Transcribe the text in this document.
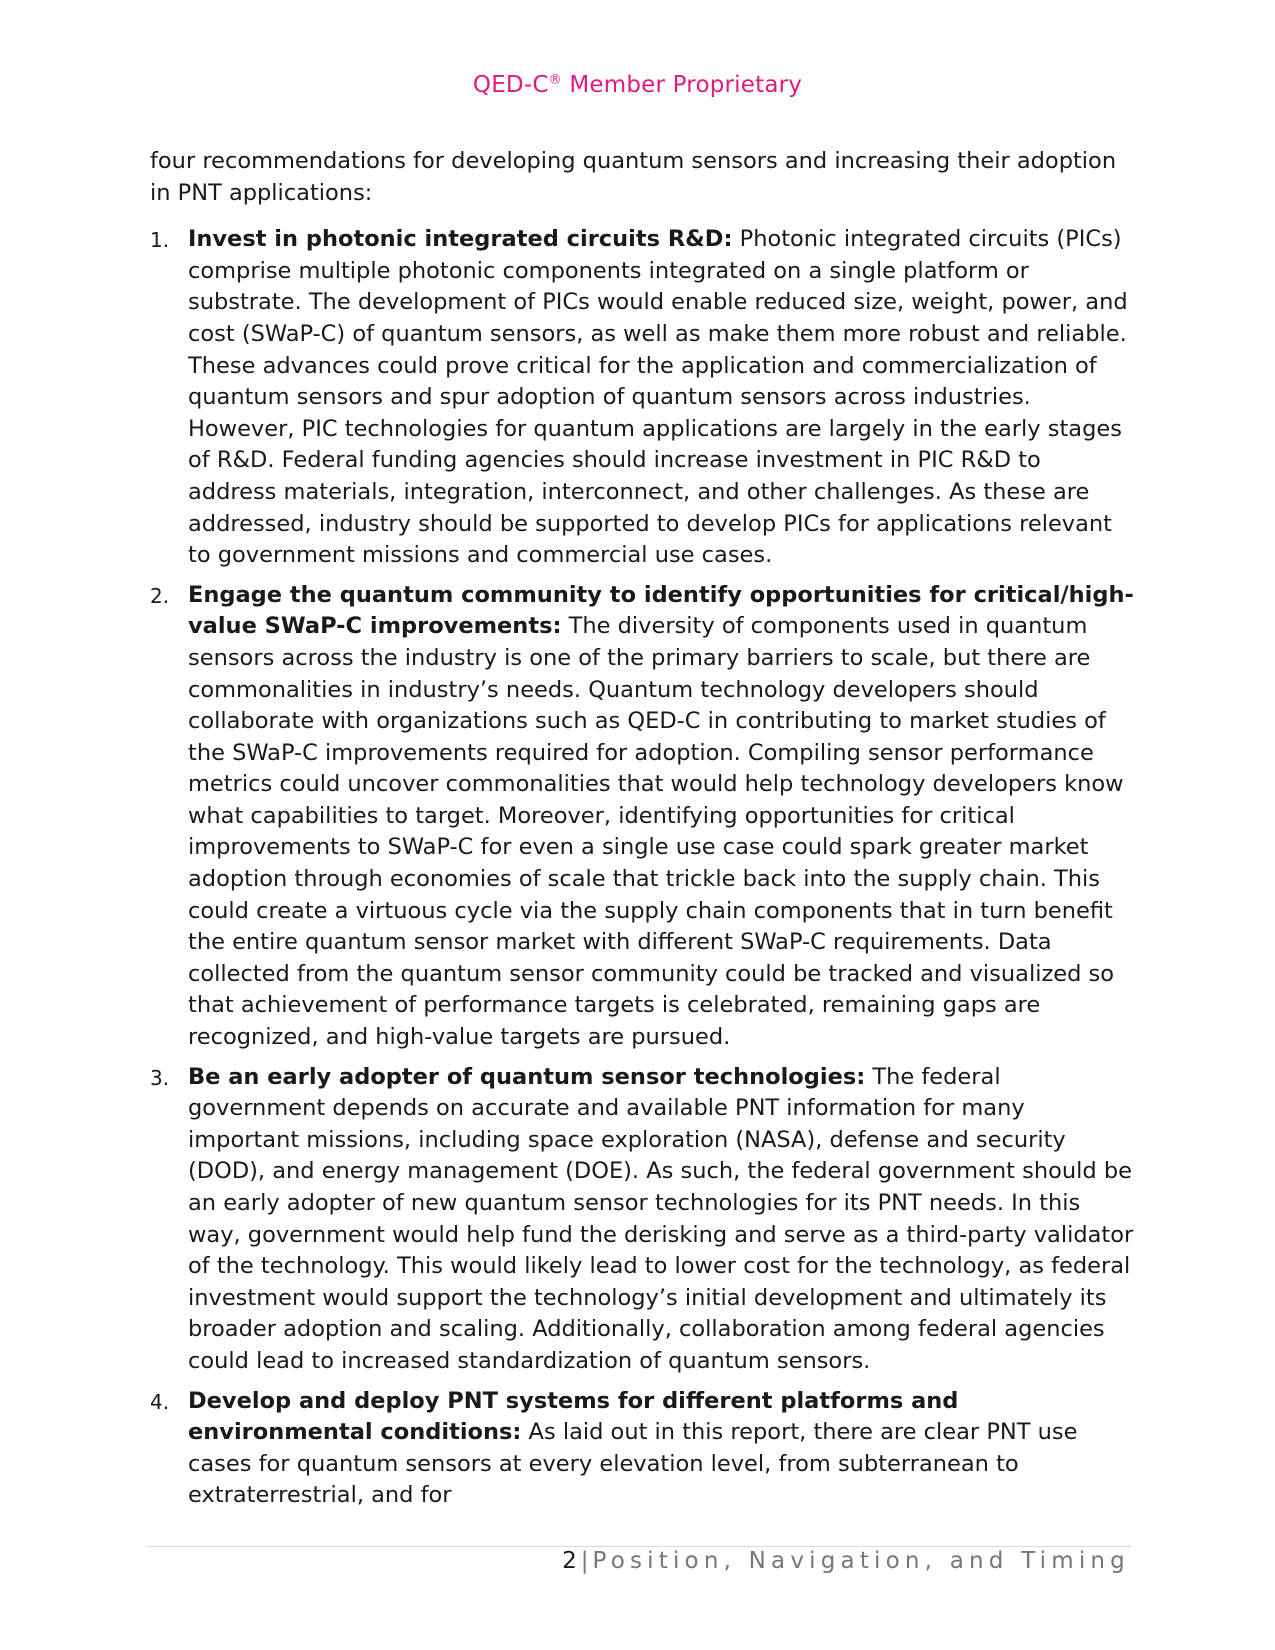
QED-C® Member Proprietary

four recommendations for developing quantum sensors and increasing their adoption in PNT applications:

1. Invest in photonic integrated circuits R&D: Photonic integrated circuits (PICs) comprise multiple photonic components integrated on a single platform or substrate. The development of PICs would enable reduced size, weight, power, and cost (SWaP-C) of quantum sensors, as well as make them more robust and reliable. These advances could prove critical for the application and commercialization of quantum sensors and spur adoption of quantum sensors across industries. However, PIC technologies for quantum applications are largely in the early stages of R&D. Federal funding agencies should increase investment in PIC R&D to address materials, integration, interconnect, and other challenges. As these are addressed, industry should be supported to develop PICs for applications relevant to government missions and commercial use cases.
2. Engage the quantum community to identify opportunities for critical/high-value SWaP-C improvements: The diversity of components used in quantum sensors across the industry is one of the primary barriers to scale, but there are commonalities in industry’s needs. Quantum technology developers should collaborate with organizations such as QED-C in contributing to market studies of the SWaP-C improvements required for adoption. Compiling sensor performance metrics could uncover commonalities that would help technology developers know what capabilities to target. Moreover, identifying opportunities for critical improvements to SWaP-C for even a single use case could spark greater market adoption through economies of scale that trickle back into the supply chain. This could create a virtuous cycle via the supply chain components that in turn benefit the entire quantum sensor market with different SWaP-C requirements. Data collected from the quantum sensor community could be tracked and visualized so that achievement of performance targets is celebrated, remaining gaps are recognized, and high-value targets are pursued.
3. Be an early adopter of quantum sensor technologies: The federal government depends on accurate and available PNT information for many important missions, including space exploration (NASA), defense and security (DOD), and energy management (DOE). As such, the federal government should be an early adopter of new quantum sensor technologies for its PNT needs. In this way, government would help fund the derisking and serve as a third-party validator of the technology. This would likely lead to lower cost for the technology, as federal investment would support the technology’s initial development and ultimately its broader adoption and scaling. Additionally, collaboration among federal agencies could lead to increased standardization of quantum sensors.
4. Develop and deploy PNT systems for different platforms and environmental conditions: As laid out in this report, there are clear PNT use cases for quantum sensors at every elevation level, from subterranean to extraterrestrial, and for
2 | Position, Navigation, and Timing
